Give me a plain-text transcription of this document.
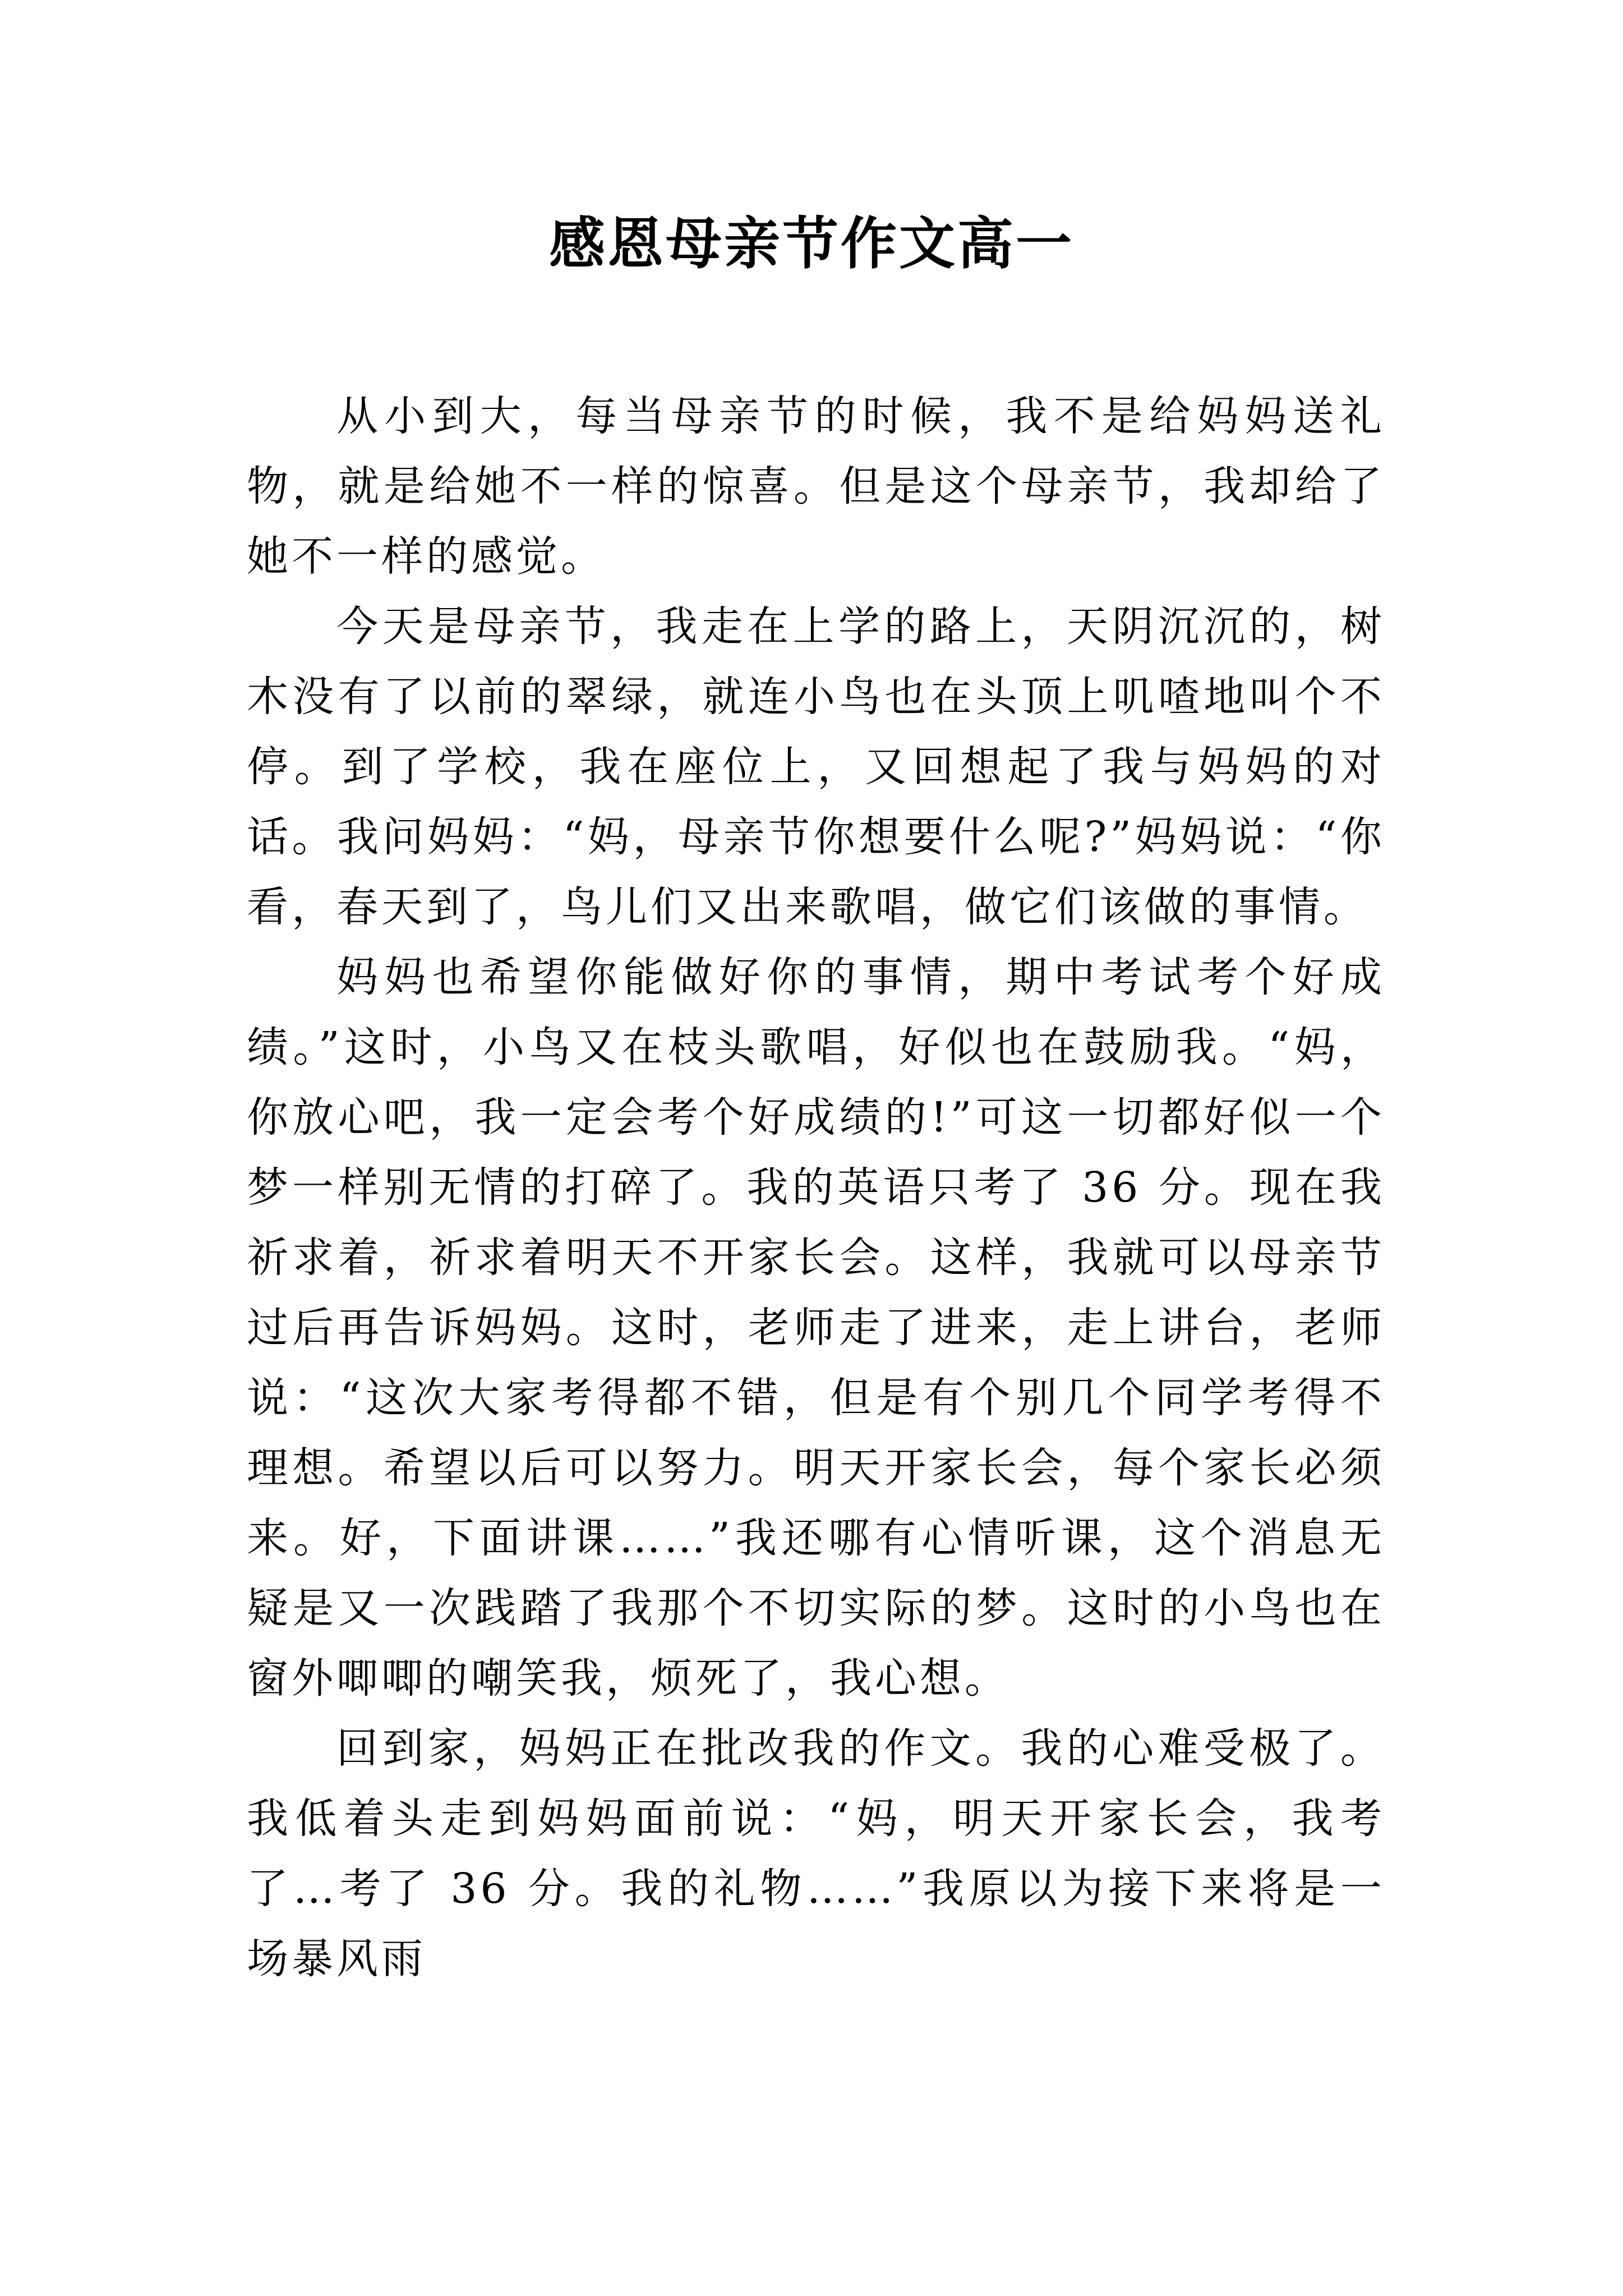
感恩母亲节作文高一

从小到大，每当母亲节的时候，我不是给妈妈送礼物，就是给她不一样的惊喜。但是这个母亲节，我却给了她不一样的感觉。

今天是母亲节，我走在上学的路上，天阴沉沉的，树木没有了以前的翠绿，就连小鸟也在头顶上叽喳地叫个不停。到了学校，我在座位上，又回想起了我与妈妈的对话。我问妈妈：“妈，母亲节你想要什么呢?”妈妈说：“你看，春天到了，鸟儿们又出来歌唱，做它们该做的事情。

妈妈也希望你能做好你的事情，期中考试考个好成绩。”这时，小鸟又在枝头歌唱，好似也在鼓励我。“妈，你放心吧，我一定会考个好成绩的!”可这一切都好似一个梦一样别无情的打碎了。我的英语只考了 36 分。现在我祈求着，祈求着明天不开家长会。这样，我就可以母亲节过后再告诉妈妈。这时，老师走了进来，走上讲台，老师说：“这次大家考得都不错，但是有个别几个同学考得不理想。希望以后可以努力。明天开家长会，每个家长必须来。好，下面讲课……”我还哪有心情听课，这个消息无疑是又一次践踏了我那个不切实际的梦。这时的小鸟也在窗外唧唧的嘲笑我，烦死了，我心想。

回到家，妈妈正在批改我的作文。我的心难受极了。我低着头走到妈妈面前说：“妈，明天开家长会，我考了…考了 36 分。我的礼物……”我原以为接下来将是一场暴风雨
